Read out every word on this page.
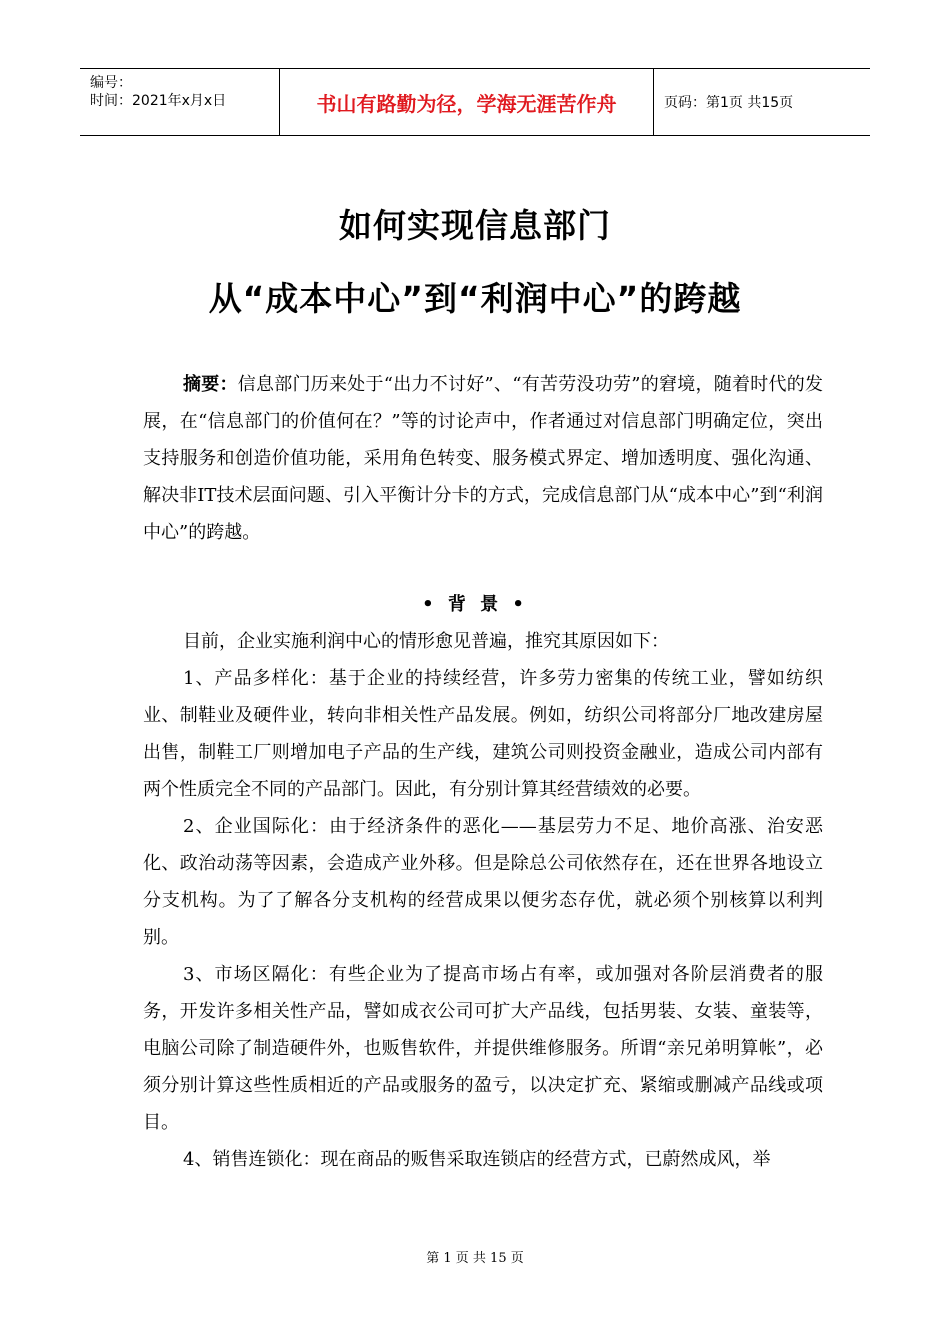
编号：
时间：2021年x月x日	书山有路勤为径，学海无涯苦作舟	页码：第1页 共15页
如何实现信息部门
从“成本中心”到“利润中心”的跨越

摘要：信息部门历来处于“出力不讨好”、“有苦劳没功劳”的窘境，随着时代的发展，在“信息部门的价值何在？”等的讨论声中，作者通过对信息部门明确定位，突出支持服务和创造价值功能，采用角色转变、服务模式界定、增加透明度、强化沟通、解决非IT技术层面问题、引入平衡计分卡的方式，完成信息部门从“成本中心”到“利润中心”的跨越。

• 背 景 •

目前，企业实施利润中心的情形愈见普遍，推究其原因如下：

1、产品多样化：基于企业的持续经营，许多劳力密集的传统工业，譬如纺织业、制鞋业及硬件业，转向非相关性产品发展。例如，纺织公司将部分厂地改建房屋出售，制鞋工厂则增加电子产品的生产线，建筑公司则投资金融业，造成公司内部有两个性质完全不同的产品部门。因此，有分别计算其经营绩效的必要。

2、企业国际化：由于经济条件的恶化——基层劳力不足、地价高涨、治安恶化、政治动荡等因素，会造成产业外移。但是除总公司依然存在，还在世界各地设立分支机构。为了了解各分支机构的经营成果以便劣态存优，就必须个别核算以利判别。

3、市场区隔化：有些企业为了提高市场占有率，或加强对各阶层消费者的服务，开发许多相关性产品，譬如成衣公司可扩大产品线，包括男装、女装、童装等，电脑公司除了制造硬件外，也贩售软件，并提供维修服务。所谓“亲兄弟明算帐”，必须分别计算这些性质相近的产品或服务的盈亏，以决定扩充、紧缩或删减产品线或项目。

4、销售连锁化：现在商品的贩售采取连锁店的经营方式，已蔚然成风，举

第 1 页 共 15 页
